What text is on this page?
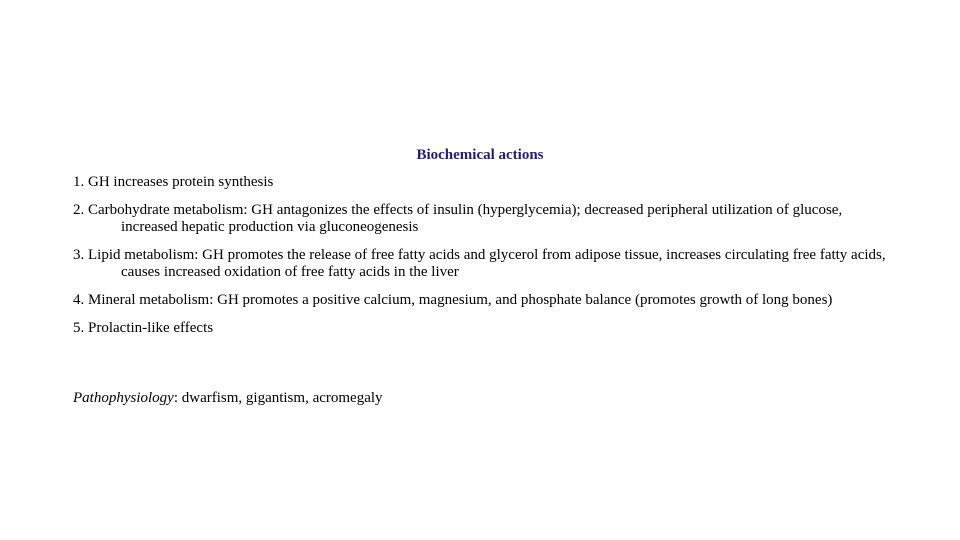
Biochemical actions
1. GH increases protein synthesis
2. Carbohydrate metabolism: GH antagonizes the effects of insulin (hyperglycemia); decreased peripheral utilization of glucose, increased hepatic production via gluconeogenesis
3. Lipid metabolism: GH promotes the release of free fatty acids and glycerol from adipose tissue, increases circulating free fatty acids, causes increased oxidation of free fatty acids in the liver
4. Mineral metabolism: GH promotes a positive calcium, magnesium, and phosphate balance (promotes growth of long bones)
5. Prolactin-like effects
Pathophysiology: dwarfism, gigantism, acromegaly
